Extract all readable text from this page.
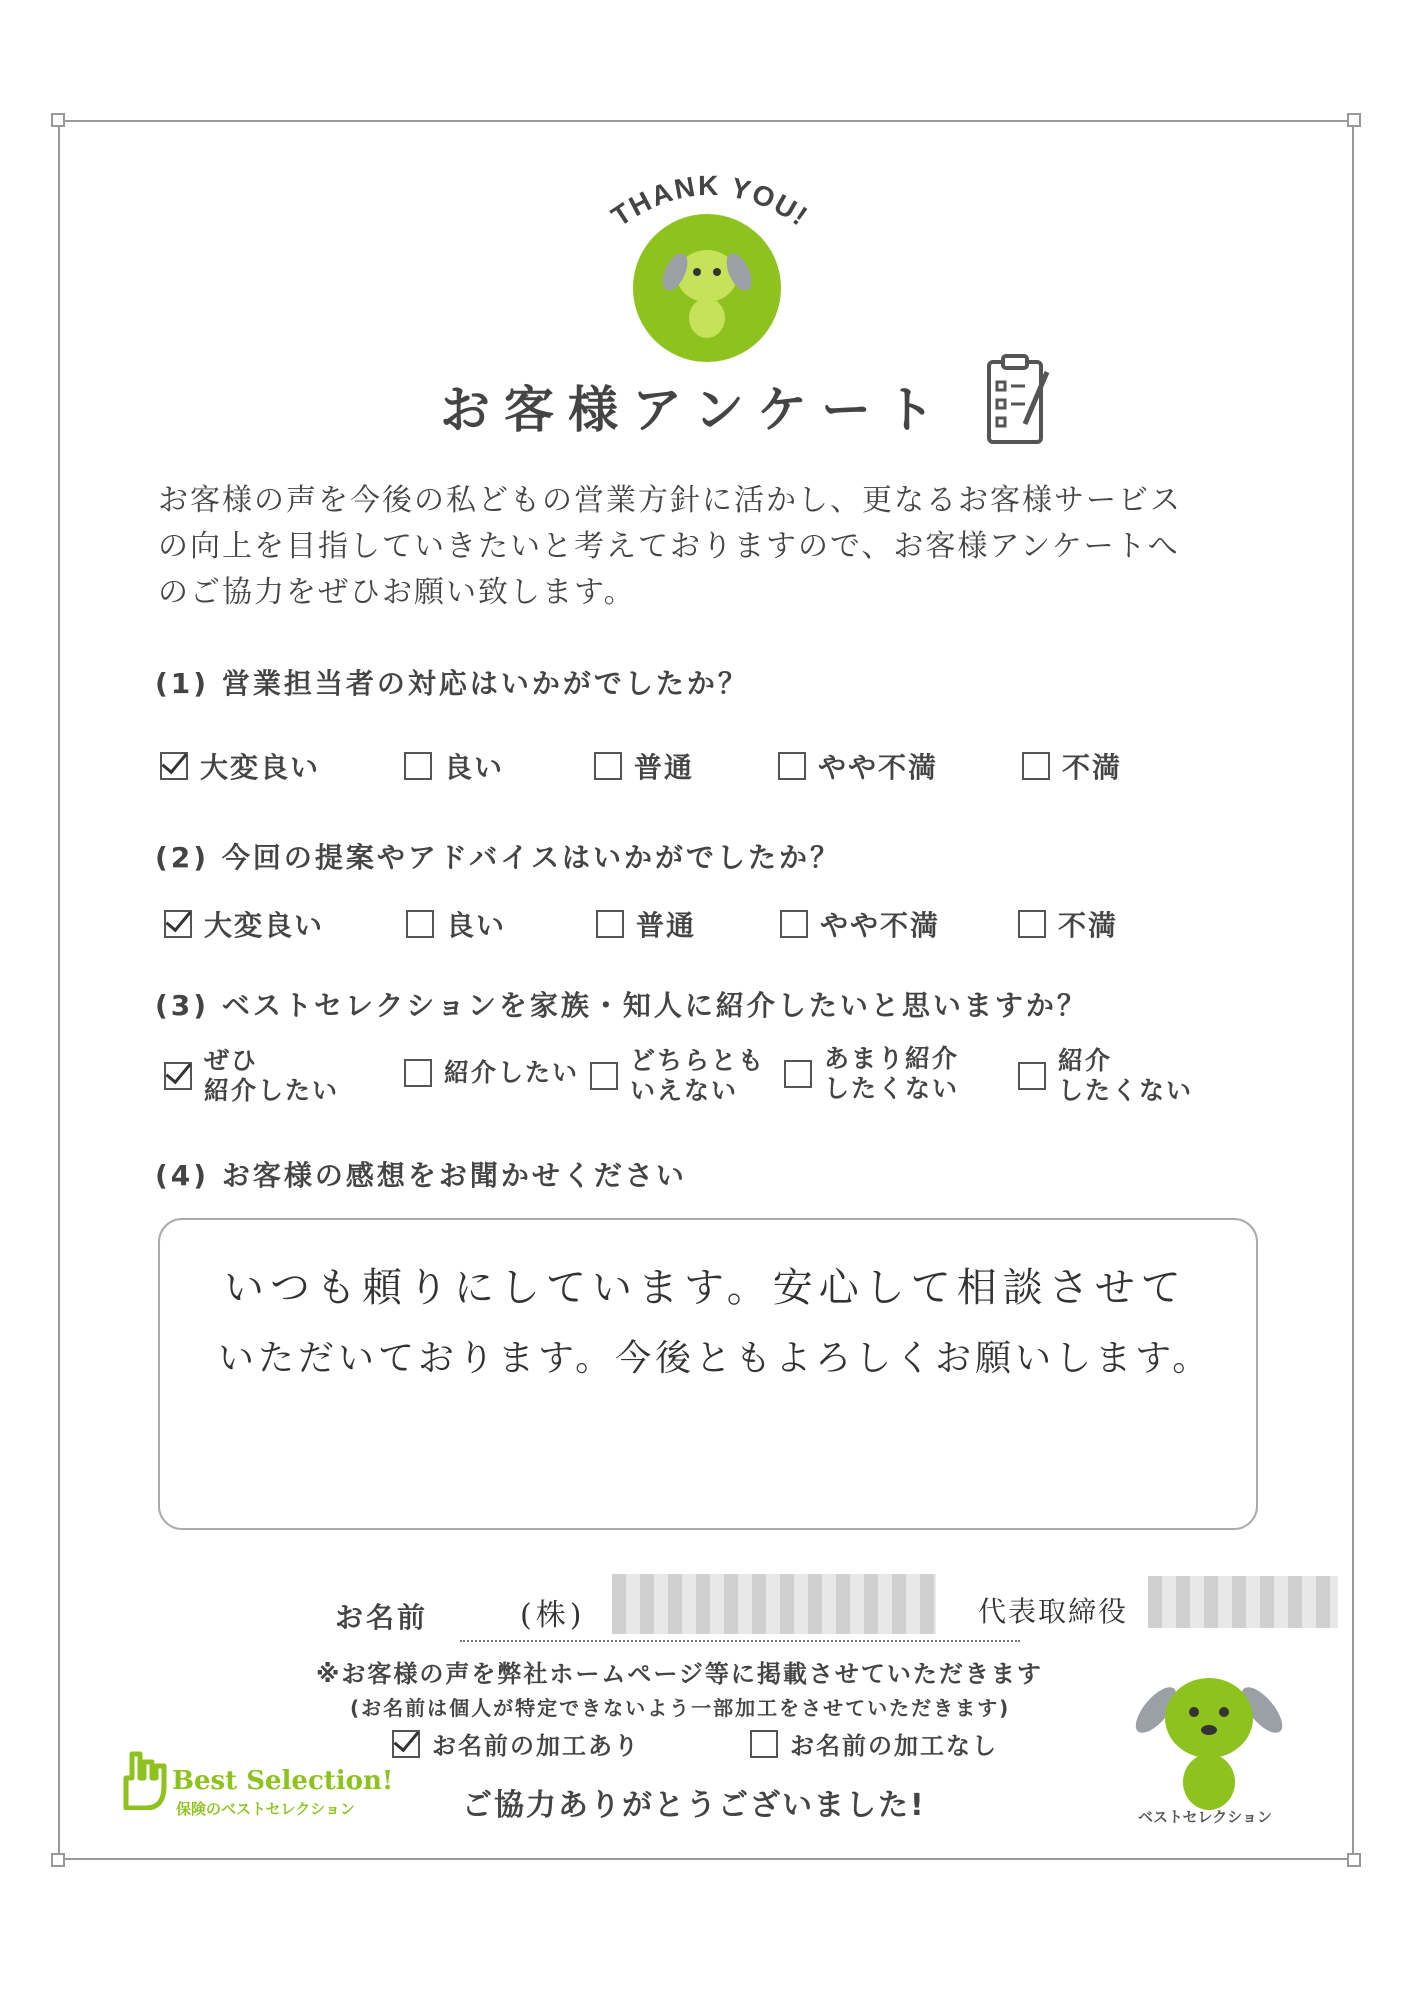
THANK YOU!
お客様アンケート
お客様の声を今後の私どもの営業方針に活かし、更なるお客様サービス
の向上を目指していきたいと考えておりますので、お客様アンケートへ
のご協力をぜひお願い致します。
(1) 営業担当者の対応はいかがでしたか？
大変良い	良い	普通	やや不満	不満
(2) 今回の提案やアドバイスはいかがでしたか？
大変良い	良い	普通	やや不満	不満
(3) ベストセレクションを家族・知人に紹介したいと思いますか？
ぜひ
紹介したい
紹介したい どちらとも
いえない
あまり紹介
したくない
紹介
したくない
(4) お客様の感想をお聞かせください
いつも頼りにしています。安心して相談させて
いただいております。今後ともよろしくお願いします。
お名前	(株)	代表取締役
※お客様の声を弊社ホームページ等に掲載させていただきます
(お名前は個人が特定できないよう一部加工をさせていただきます)
お名前の加工あり	お名前の加工なし
ご協力ありがとうございました!
Best Selection!
保険のベストセレクション	ベストセレクション
